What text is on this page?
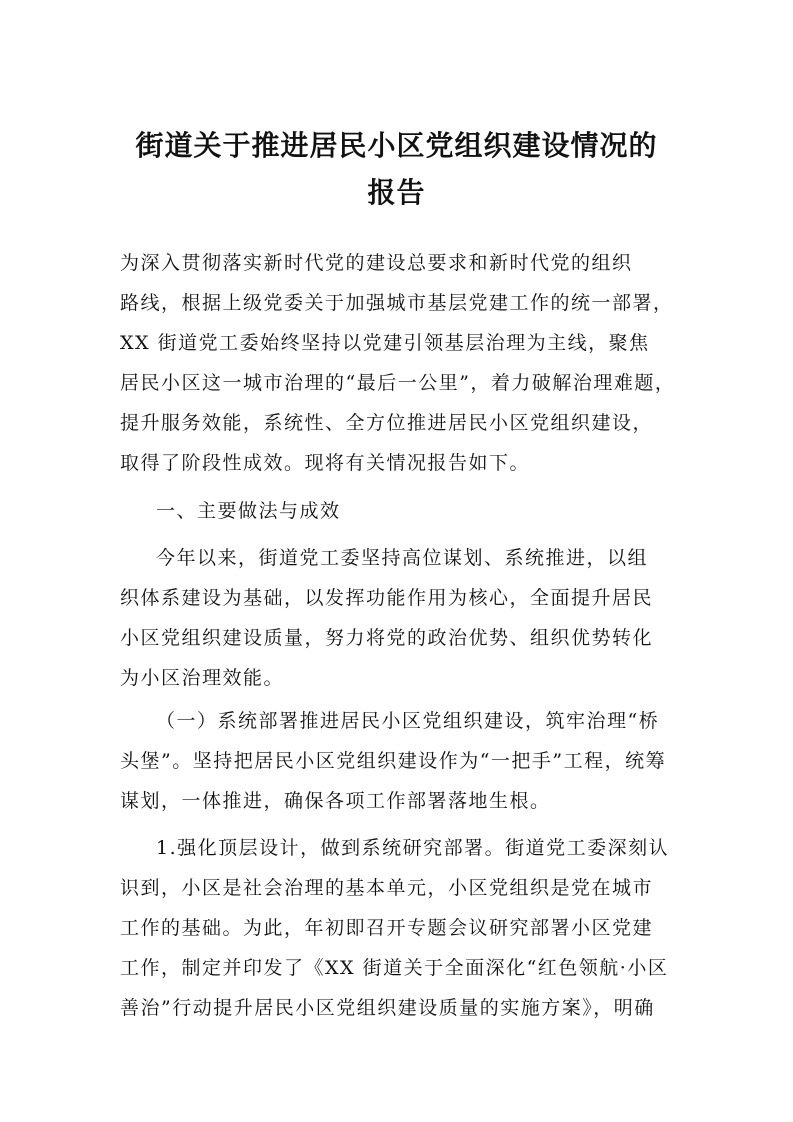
街道关于推进居民小区党组织建设情况的
报告
为深入贯彻落实新时代党的建设总要求和新时代党的组织
路线，根据上级党委关于加强城市基层党建工作的统一部署，
XX 街道党工委始终坚持以党建引领基层治理为主线，聚焦
居民小区这一城市治理的“最后一公里”，着力破解治理难题，
提升服务效能，系统性、全方位推进居民小区党组织建设，
取得了阶段性成效。现将有关情况报告如下。
一、主要做法与成效
今年以来，街道党工委坚持高位谋划、系统推进，以组
织体系建设为基础，以发挥功能作用为核心，全面提升居民
小区党组织建设质量，努力将党的政治优势、组织优势转化
为小区治理效能。
（一）系统部署推进居民小区党组织建设，筑牢治理“桥
头堡”。坚持把居民小区党组织建设作为“一把手”工程，统筹
谋划，一体推进，确保各项工作部署落地生根。
1.强化顶层设计，做到系统研究部署。街道党工委深刻认
识到，小区是社会治理的基本单元，小区党组织是党在城市
工作的基础。为此，年初即召开专题会议研究部署小区党建
工作，制定并印发了《XX 街道关于全面深化“红色领航·小区
善治”行动提升居民小区党组织建设质量的实施方案》，明确
